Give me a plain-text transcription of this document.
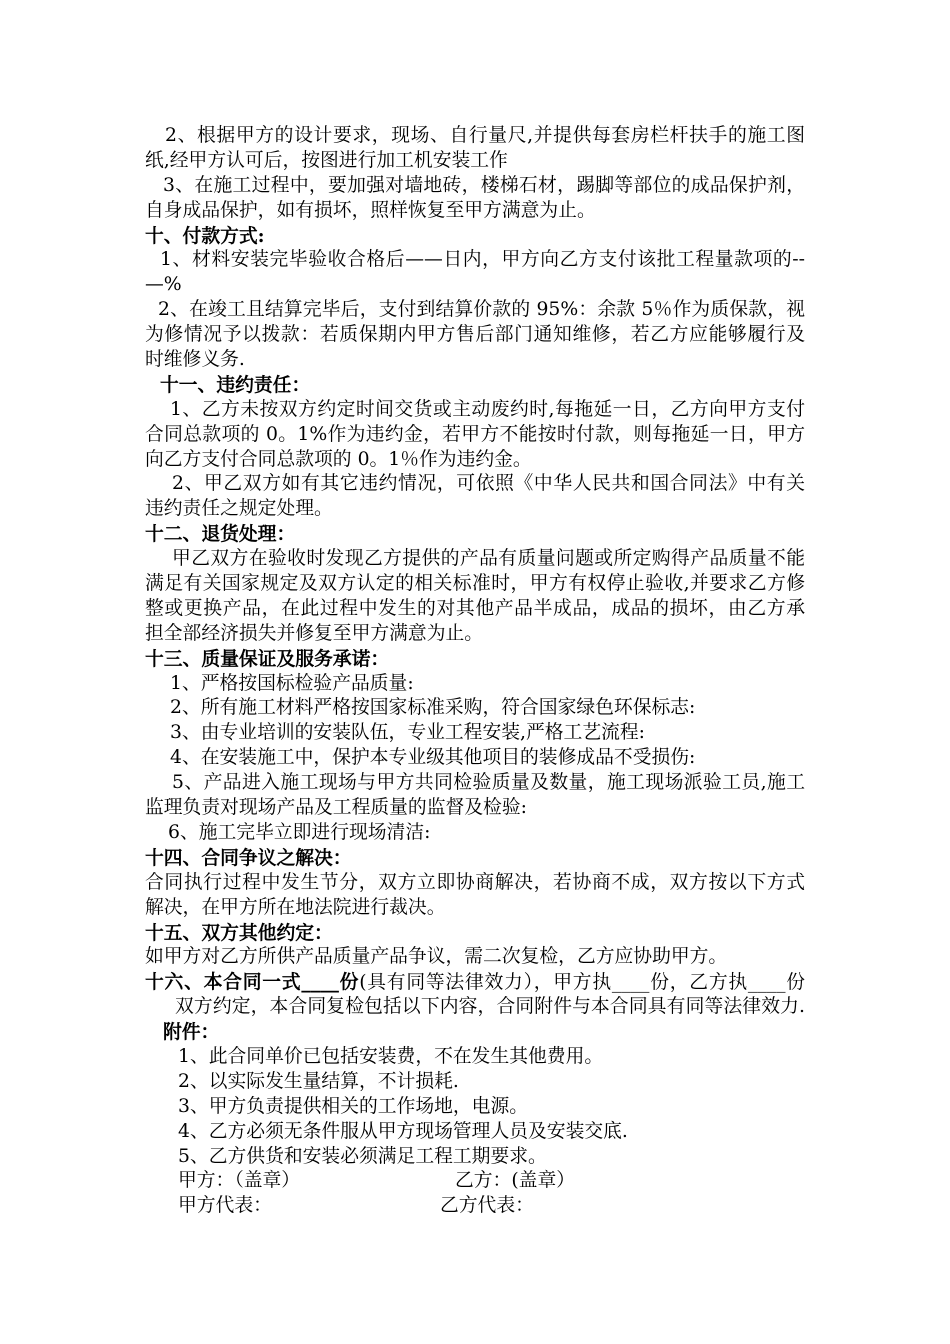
2、根据甲方的设计要求，现场、自行量尺,并提供每套房栏杆扶手的施工图
纸,经甲方认可后，按图进行加工机安装工作
3、在施工过程中，要加强对墙地砖，楼梯石材，踢脚等部位的成品保护剂，
自身成品保护，如有损坏，照样恢复至甲方满意为止。
十、付款方式:
1、材料安装完毕验收合格后——日内，甲方向乙方支付该批工程量款项的--
—%
2、在竣工且结算完毕后，支付到结算价款的 95%：余款 5％作为质保款，视
为修情况予以拨款：若质保期内甲方售后部门通知维修，若乙方应能够履行及
时维修义务.
十一、违约责任：
1、乙方未按双方约定时间交货或主动废约时,每拖延一日，乙方向甲方支付
合同总款项的 0。1%作为违约金，若甲方不能按时付款，则每拖延一日，甲方
向乙方支付合同总款项的 0。1％作为违约金。
2、甲乙双方如有其它违约情况，可依照《中华人民共和国合同法》中有关
违约责任之规定处理。
十二、退货处理：
甲乙双方在验收时发现乙方提供的产品有质量问题或所定购得产品质量不能
满足有关国家规定及双方认定的相关标准时，甲方有权停止验收,并要求乙方修
整或更换产品，在此过程中发生的对其他产品半成品，成品的损坏，由乙方承
担全部经济损失并修复至甲方满意为止。
十三、质量保证及服务承诺：
1、严格按国标检验产品质量:
2、所有施工材料严格按国家标准采购，符合国家绿色环保标志:
3、由专业培训的安装队伍，专业工程安装,严格工艺流程:
4、在安装施工中，保护本专业级其他项目的装修成品不受损伤:
5、产品进入施工现场与甲方共同检验质量及数量，施工现场派验工员,施工
监理负责对现场产品及工程质量的监督及检验:
6、施工完毕立即进行现场清洁:
十四、合同争议之解决：
合同执行过程中发生节分，双方立即协商解决，若协商不成，双方按以下方式
解决，在甲方所在地法院进行裁决。
十五、双方其他约定：
如甲方对乙方所供产品质量产品争议，需二次复检，乙方应协助甲方。
十六、本合同一式____份(具有同等法律效力），甲方执____份，乙方执____份
双方约定，本合同复检包括以下内容，合同附件与本合同具有同等法律效力.
附件：
1、此合同单价已包括安装费，不在发生其他费用。
2、以实际发生量结算，不计损耗.
3、甲方负责提供相关的工作场地，电源。
4、乙方必须无条件服从甲方现场管理人员及安装交底.
5、乙方供货和安装必须满足工程工期要求。
甲方：（盖章）	乙方：(盖章）
甲方代表：	乙方代表：
